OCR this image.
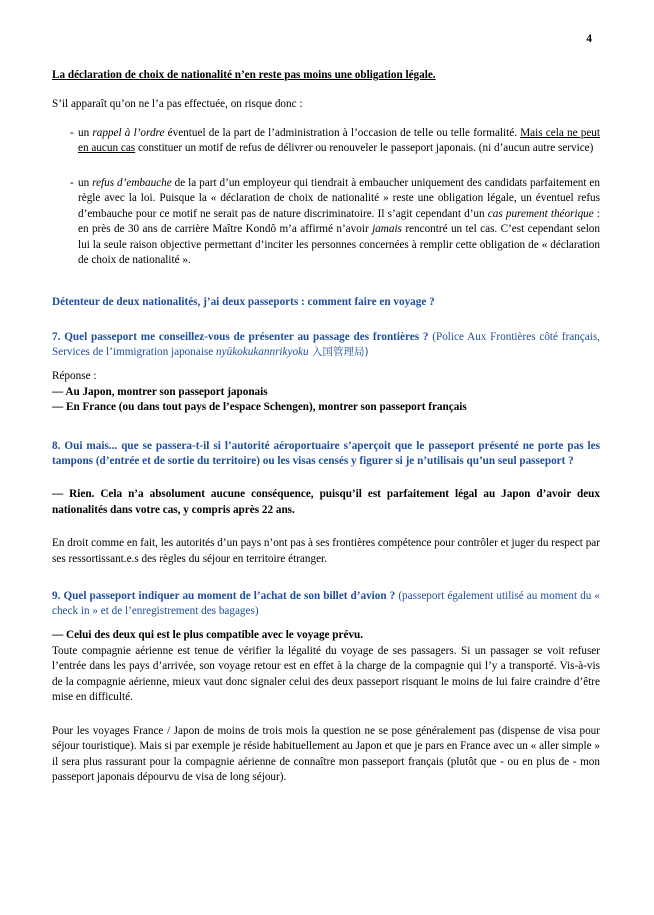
4

La déclaration de choix de nationalité n’en reste pas moins une obligation légale.

S’il apparaît qu’on ne l’a pas effectuée, on risque donc :

- un rappel à l’ordre éventuel de la part de l’administration à l’occasion de telle ou telle formalité. Mais cela ne peut en aucun cas constituer un motif de refus de délivrer ou renouveler le passeport japonais. (ni d’aucun autre service)
- un refus d’embauche de la part d’un employeur qui tiendrait à embaucher uniquement des candidats parfaitement en règle avec la loi. Puisque la « déclaration de choix de nationalité » reste une obligation légale, un éventuel refus d’embauche pour ce motif ne serait pas de nature discriminatoire. Il s’agit cependant d’un cas purement théorique : en près de 30 ans de carrière Maître Kondô m’a affirmé n’avoir jamais rencontré un tel cas. C’est cependant selon lui la seule raison objective permettant d’inciter les personnes concernées à remplir cette obligation de « déclaration de choix de nationalité ».

Détenteur de deux nationalités, j’ai deux passeports : comment faire en voyage ?

7. Quel passeport me conseillez-vous de présenter au passage des frontières ? (Police Aux Frontières côté français, Services de l’immigration japonaise nyūkokukannrikyoku 入国管理局)

Réponse :

— Au Japon, montrer son passeport japonais

— En France (ou dans tout pays de l’espace Schengen), montrer son passeport français

8. Oui mais... que se passera-t-il si l’autorité aéroportuaire s’aperçoit que le passeport présenté ne porte pas les tampons (d’entrée et de sortie du territoire) ou les visas censés y figurer si je n’utilisais qu’un seul passeport ?

— Rien. Cela n’a absolument aucune conséquence, puisqu’il est parfaitement légal au Japon d’avoir deux nationalités dans votre cas, y compris après 22 ans.

En droit comme en fait, les autorités d’un pays n’ont pas à ses frontières compétence pour contrôler et juger du respect par ses ressortissant.e.s des règles du séjour en territoire étranger.

9. Quel passeport indiquer au moment de l’achat de son billet d’avion ? (passeport également utilisé au moment du « check in » et de l’enregistrement des bagages)

— Celui des deux qui est le plus compatible avec le voyage prévu.

Toute compagnie aérienne est tenue de vérifier la légalité du voyage de ses passagers. Si un passager se voit refuser l’entrée dans les pays d’arrivée, son voyage retour est en effet à la charge de la compagnie qui l’y a transporté. Vis-à-vis de la compagnie aérienne, mieux vaut donc signaler celui des deux passeport risquant le moins de lui faire craindre d’être mise en difficulté.

Pour les voyages France / Japon de moins de trois mois la question ne se pose généralement pas (dispense de visa pour séjour touristique). Mais si par exemple je réside habituellement au Japon et que je pars en France avec un « aller simple » il sera plus rassurant pour la compagnie aérienne de connaître mon passeport français (plutôt que - ou en plus de - mon passeport japonais dépourvu de visa de long séjour).
